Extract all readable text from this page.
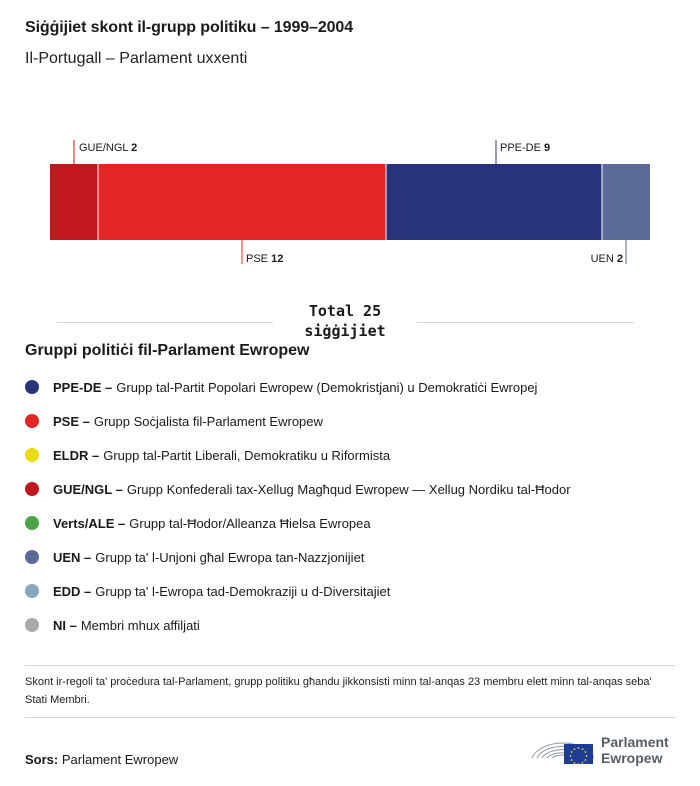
Siġġijiet skont il-grupp politiku – 1999–2004
Il-Portugall – Parlament uxxenti
GUE/NGL 2
PSE 12
PPE-DE 9
UEN 2
Total 25
siġġijiet
Gruppi politiċi fil-Parlament Ewropew
PPE-DE – Grupp tal-Partit Popolari Ewropew (Demokristjani) u Demokratiċi Ewropej
PSE – Grupp Soċjalista fil-Parlament Ewropew
ELDR – Grupp tal-Partit Liberali, Demokratiku u Riformista
GUE/NGL – Grupp Konfederali tax-Xellug Magħqud Ewropew — Xellug Nordiku tal-Ħodor
Verts/ALE – Grupp tal-Ħodor/Alleanza Ħielsa Ewropea
UEN – Grupp ta' l-Unjoni għal Ewropa tan-Nazzjonijiet
EDD – Grupp ta' l-Ewropa tad-Demokraziji u d-Diversitajiet
NI – Membri mhux affiljati
Skont ir-regoli ta' proċedura tal-Parlament, grupp politiku għandu jikkonsisti minn tal-anqas 23 membru elett minn tal-anqas seba' Stati Membri.
Sors: Parlament Ewropew
Parlament
Ewropew
